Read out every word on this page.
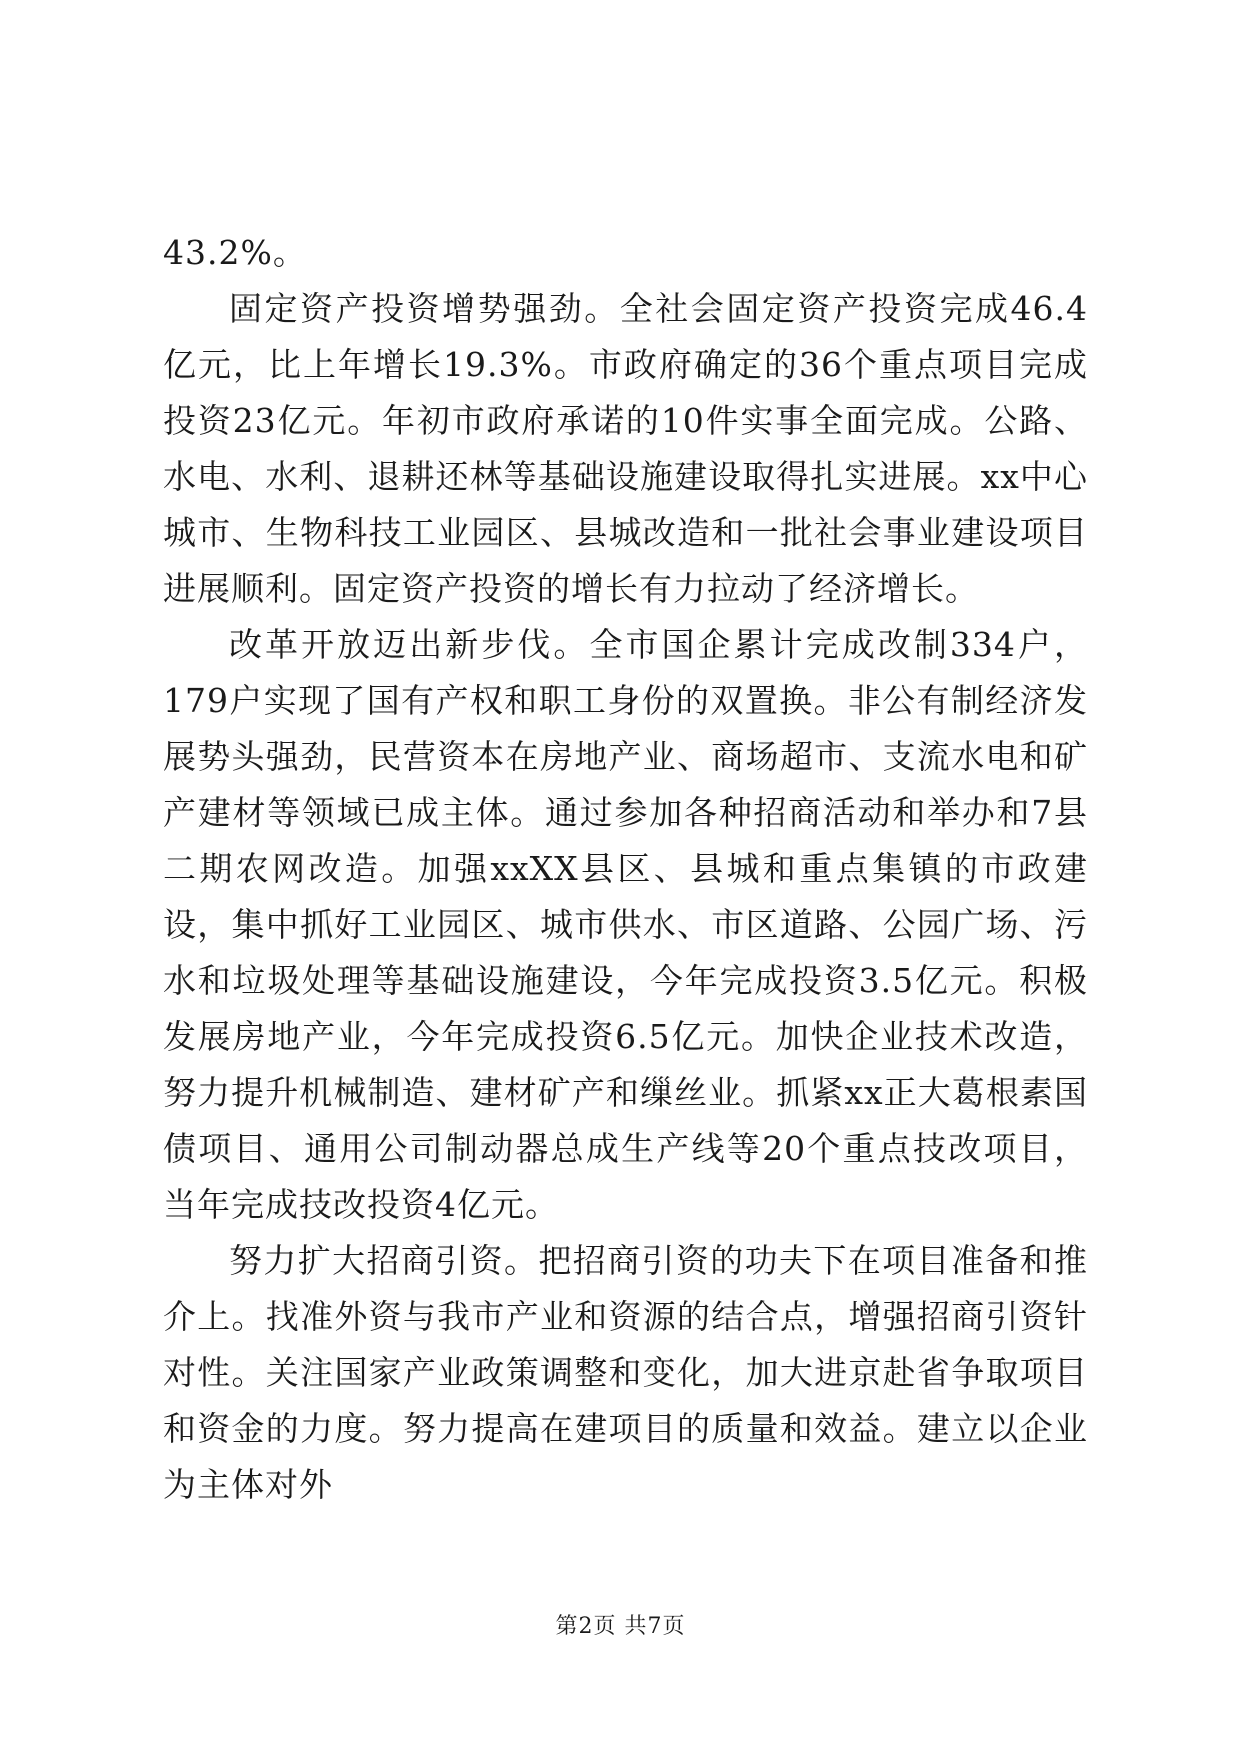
43.2%。

固定资产投资增势强劲。全社会固定资产投资完成46.4亿元，比上年增长19.3%。市政府确定的36个重点项目完成投资23亿元。年初市政府承诺的10件实事全面完成。公路、水电、水利、退耕还林等基础设施建设取得扎实进展。xx中心城市、生物科技工业园区、县城改造和一批社会事业建设项目进展顺利。固定资产投资的增长有力拉动了经济增长。

改革开放迈出新步伐。全市国企累计完成改制334户，179户实现了国有产权和职工身份的双置换。非公有制经济发展势头强劲，民营资本在房地产业、商场超市、支流水电和矿产建材等领域已成主体。通过参加各种招商活动和举办和7县二期农网改造。加强xxXX县区、县城和重点集镇的市政建设，集中抓好工业园区、城市供水、市区道路、公园广场、污水和垃圾处理等基础设施建设，今年完成投资3.5亿元。积极发展房地产业，今年完成投资6.5亿元。加快企业技术改造，努力提升机械制造、建材矿产和缫丝业。抓紧xx正大葛根素国债项目、通用公司制动器总成生产线等20个重点技改项目，当年完成技改投资4亿元。

努力扩大招商引资。把招商引资的功夫下在项目准备和推介上。找准外资与我市产业和资源的结合点，增强招商引资针对性。关注国家产业政策调整和变化，加大进京赴省争取项目和资金的力度。努力提高在建项目的质量和效益。建立以企业为主体对外

第2页 共7页
